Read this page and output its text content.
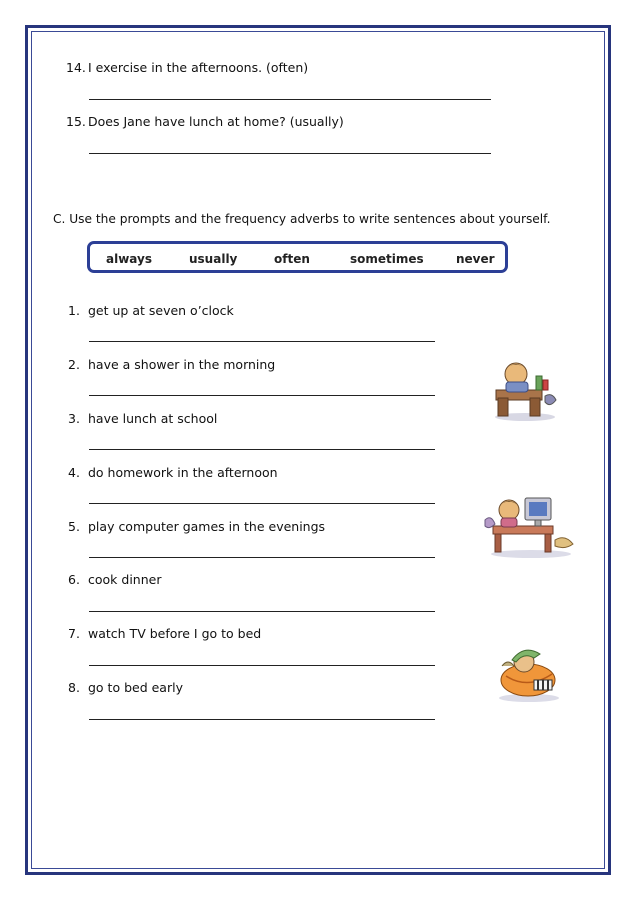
14. I exercise in the afternoons. (often)
15. Does Jane have lunch at home? (usually)
C. Use the prompts and the frequency adverbs to write sentences about yourself.
always	usually	often	sometimes	never
1. get up at seven o’clock
2. have a shower in the morning
3. have lunch at school
4. do homework in the afternoon
5. play computer games in the evenings
6. cook dinner
7. watch TV before I go to bed
8. go to bed early
